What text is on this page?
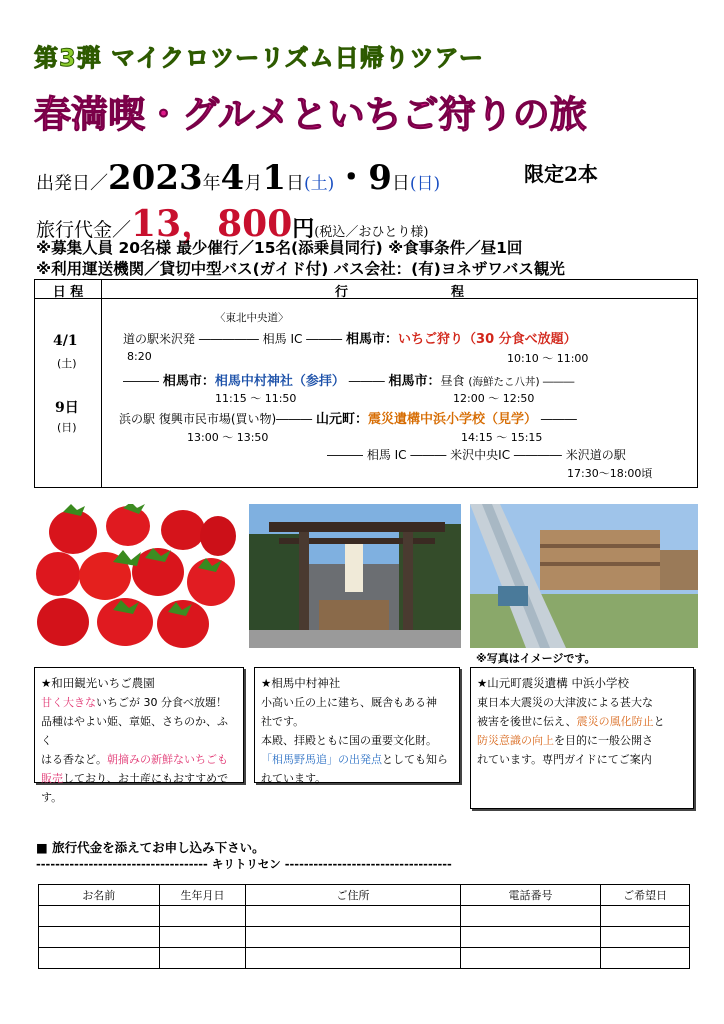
第3弾 マイクロツーリズム日帰りツアー
春満喫・グルメといちご狩りの旅
出発日／2023年4月1日(土)・9日(日)	限定2本
旅行代金／13，800円(税込／おひとり様)
※募集人員 20名様 最少催行／15名(添乗員同行) ※食事条件／昼1回
※利用運送機関／貸切中型バス(ガイド付) バス会社：(有)ヨネザワバス観光
日 程	行	程
4/1
(土)
9日
(日)
〈東北中央道〉
道の駅米沢発 ――――― 相馬 IC ――― 相馬市：いちご狩り（30 分食べ放題）
8:20	10:10 ～ 11:00
――― 相馬市：相馬中村神社（参拝） ――― 相馬市：昼食 (海鮮たこ八丼) ―――
11:15 ～ 11:50	12:00 ～ 12:50
浜の駅 復興市民市場(買い物)――― 山元町：震災遺構中浜小学校（見学） ―――
13:00 ～ 13:50	14:15 ～ 15:15
――― 相馬 IC ――― 米沢中央IC ―――― 米沢道の駅
17:30～18:00頃
※写真はイメージです。
★和田観光いちご農園
甘く大きないちごが 30 分食べ放題！
品種はやよい姫、章姫、さちのか、ふく
はる香など。朝摘みの新鮮ないちごも
販売しており、お土産にもおすすめで
す。
★相馬中村神社
小高い丘の上に建ち、厩舎もある神
社です。
本殿、拝殿ともに国の重要文化財。
「相馬野馬追」の出発点としても知ら
れています。
★山元町震災遺構 中浜小学校
東日本大震災の大津波による甚大な
被害を後世に伝え、震災の風化防止と
防災意識の向上を目的に一般公開さ
れています。専門ガイドにてご案内
■ 旅行代金を添えてお申し込み下さい。
------------------------------------ キリトリセン -----------------------------------
お名前	生年月日	ご住所	電話番号	ご希望日
